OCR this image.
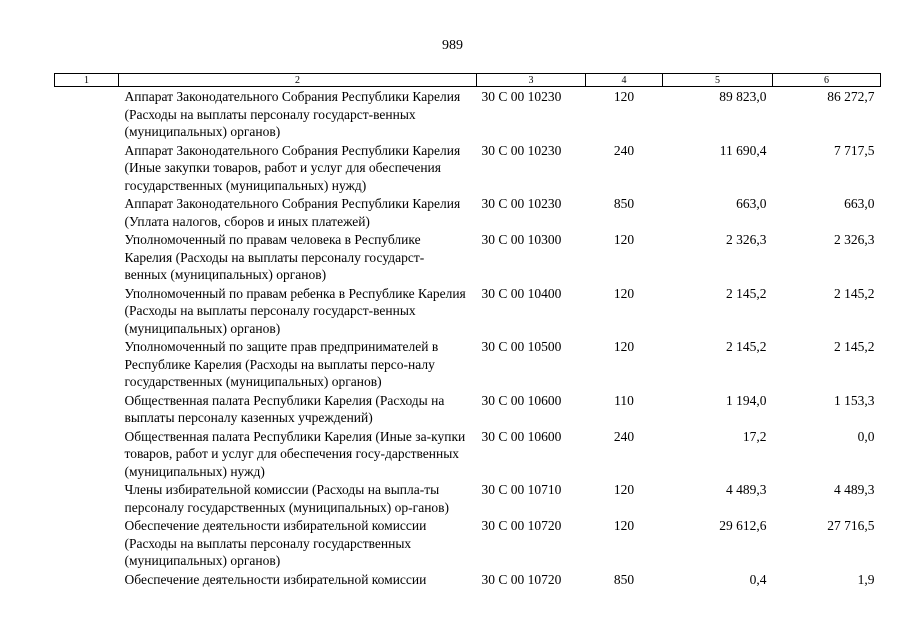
989
1	2	3	4	5	6
	Аппарат Законодательного Собрания Республики Карелия (Расходы на выплаты персоналу государст-венных (муниципальных) органов)	30 С 00 10230	120	89 823,0	86 272,7
	Аппарат Законодательного Собрания Республики Карелия (Иные закупки товаров, работ и услуг для обеспечения государственных (муниципальных) нужд)	30 С 00 10230	240	11 690,4	7 717,5
	Аппарат Законодательного Собрания Республики Карелия (Уплата налогов, сборов и иных платежей)	30 С 00 10230	850	663,0	663,0
	Уполномоченный по правам человека в Республике Карелия (Расходы на выплаты персоналу государст-венных (муниципальных) органов)	30 С 00 10300	120	2 326,3	2 326,3
	Уполномоченный по правам ребенка в Республике Карелия (Расходы на выплаты персоналу государст-венных (муниципальных) органов)	30 С 00 10400	120	2 145,2	2 145,2
	Уполномоченный по защите прав предпринимателей в Республике Карелия (Расходы на выплаты персо-налу государственных (муниципальных) органов)	30 С 00 10500	120	2 145,2	2 145,2
	Общественная палата Республики Карелия (Расходы на выплаты персоналу казенных учреждений)	30 С 00 10600	110	1 194,0	1 153,3
	Общественная палата Республики Карелия (Иные за-купки товаров, работ и услуг для обеспечения госу-дарственных (муниципальных) нужд)	30 С 00 10600	240	17,2	0,0
	Члены избирательной комиссии (Расходы на выпла-ты персоналу государственных (муниципальных) ор-ганов)	30 С 00 10710	120	4 489,3	4 489,3
	Обеспечение деятельности избирательной комиссии (Расходы на выплаты персоналу государственных (муниципальных) органов)	30 С 00 10720	120	29 612,6	27 716,5
	Обеспечение деятельности избирательной комиссии	30 С 00 10720	850	0,4	1,9
